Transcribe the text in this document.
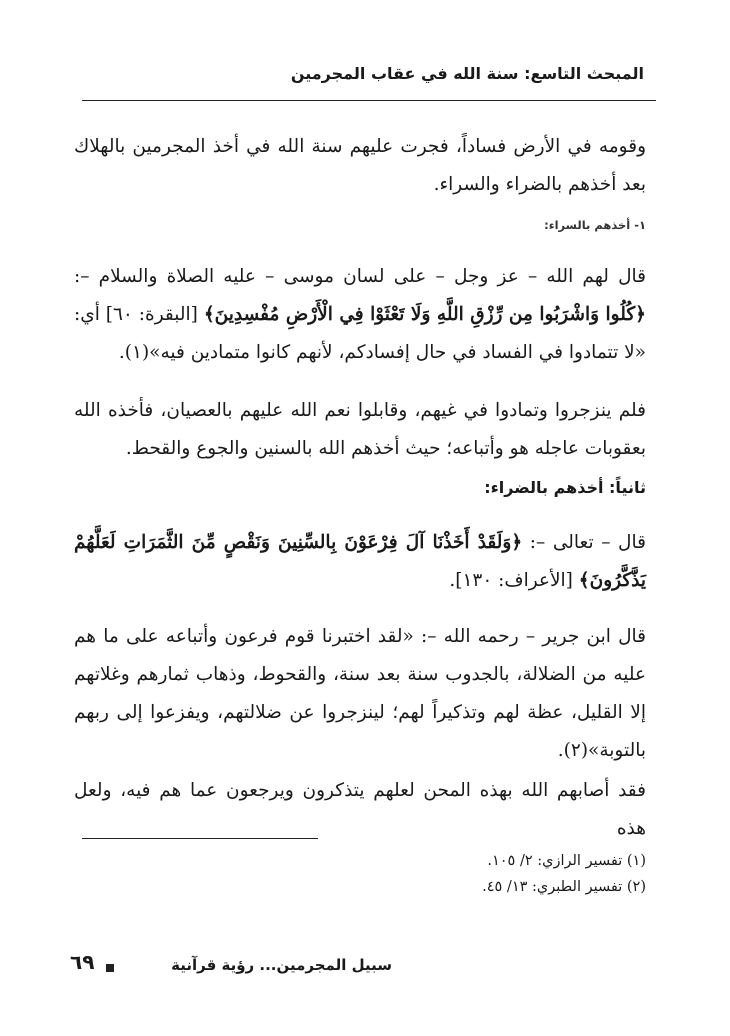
المبحث التاسع: سنة الله في عقاب المجرمين
وقومه في الأرض فساداً، فجرت عليهم سنة الله في أخذ المجرمين بالهلاك بعد أخذهم بالضراء والسراء.
١- أخذهم بالسراء:
قال لهم الله – عز وجل – على لسان موسى – عليه الصلاة والسلام –: ﴿كُلُوا وَاشْرَبُوا مِن رِّزْقِ اللَّهِ وَلَا تَعْثَوْا فِي الْأَرْضِ مُفْسِدِينَ﴾ [البقرة: ٦٠] أي: «لا تتمادوا في الفساد في حال إفسادكم، لأنهم كانوا متمادين فيه»(١).
فلم ينزجروا وتمادوا في غيهم، وقابلوا نعم الله عليهم بالعصيان، فأخذه الله بعقوبات عاجله هو وأتباعه؛ حيث أخذهم الله بالسنين والجوع والقحط.
ثانياً: أخذهم بالضراء:
قال – تعالى –: ﴿وَلَقَدْ أَخَذْنَا آلَ فِرْعَوْنَ بِالسِّنِينَ وَنَقْصٍ مِّنَ الثَّمَرَاتِ لَعَلَّهُمْ يَذَّكَّرُونَ﴾ [الأعراف: ١٣٠].
قال ابن جرير – رحمه الله –: «لقد اختبرنا قوم فرعون وأتباعه على ما هم عليه من الضلالة، بالجدوب سنة بعد سنة، والقحوط، وذهاب ثمارهم وغلاتهم إلا القليل، عظة لهم وتذكيراً لهم؛ لينزجروا عن ضلالتهم، ويفزعوا إلى ربهم بالتوبة»(٢).
فقد أصابهم الله بهذه المحن لعلهم يتذكرون ويرجعون عما هم فيه، ولعل هذه
(١) تفسير الرازي: ٢/ ١٠٥.
(٢) تفسير الطبري: ١٣/ ٤٥.
سبيل المجرمين... رؤية قرآنية
٦٩
